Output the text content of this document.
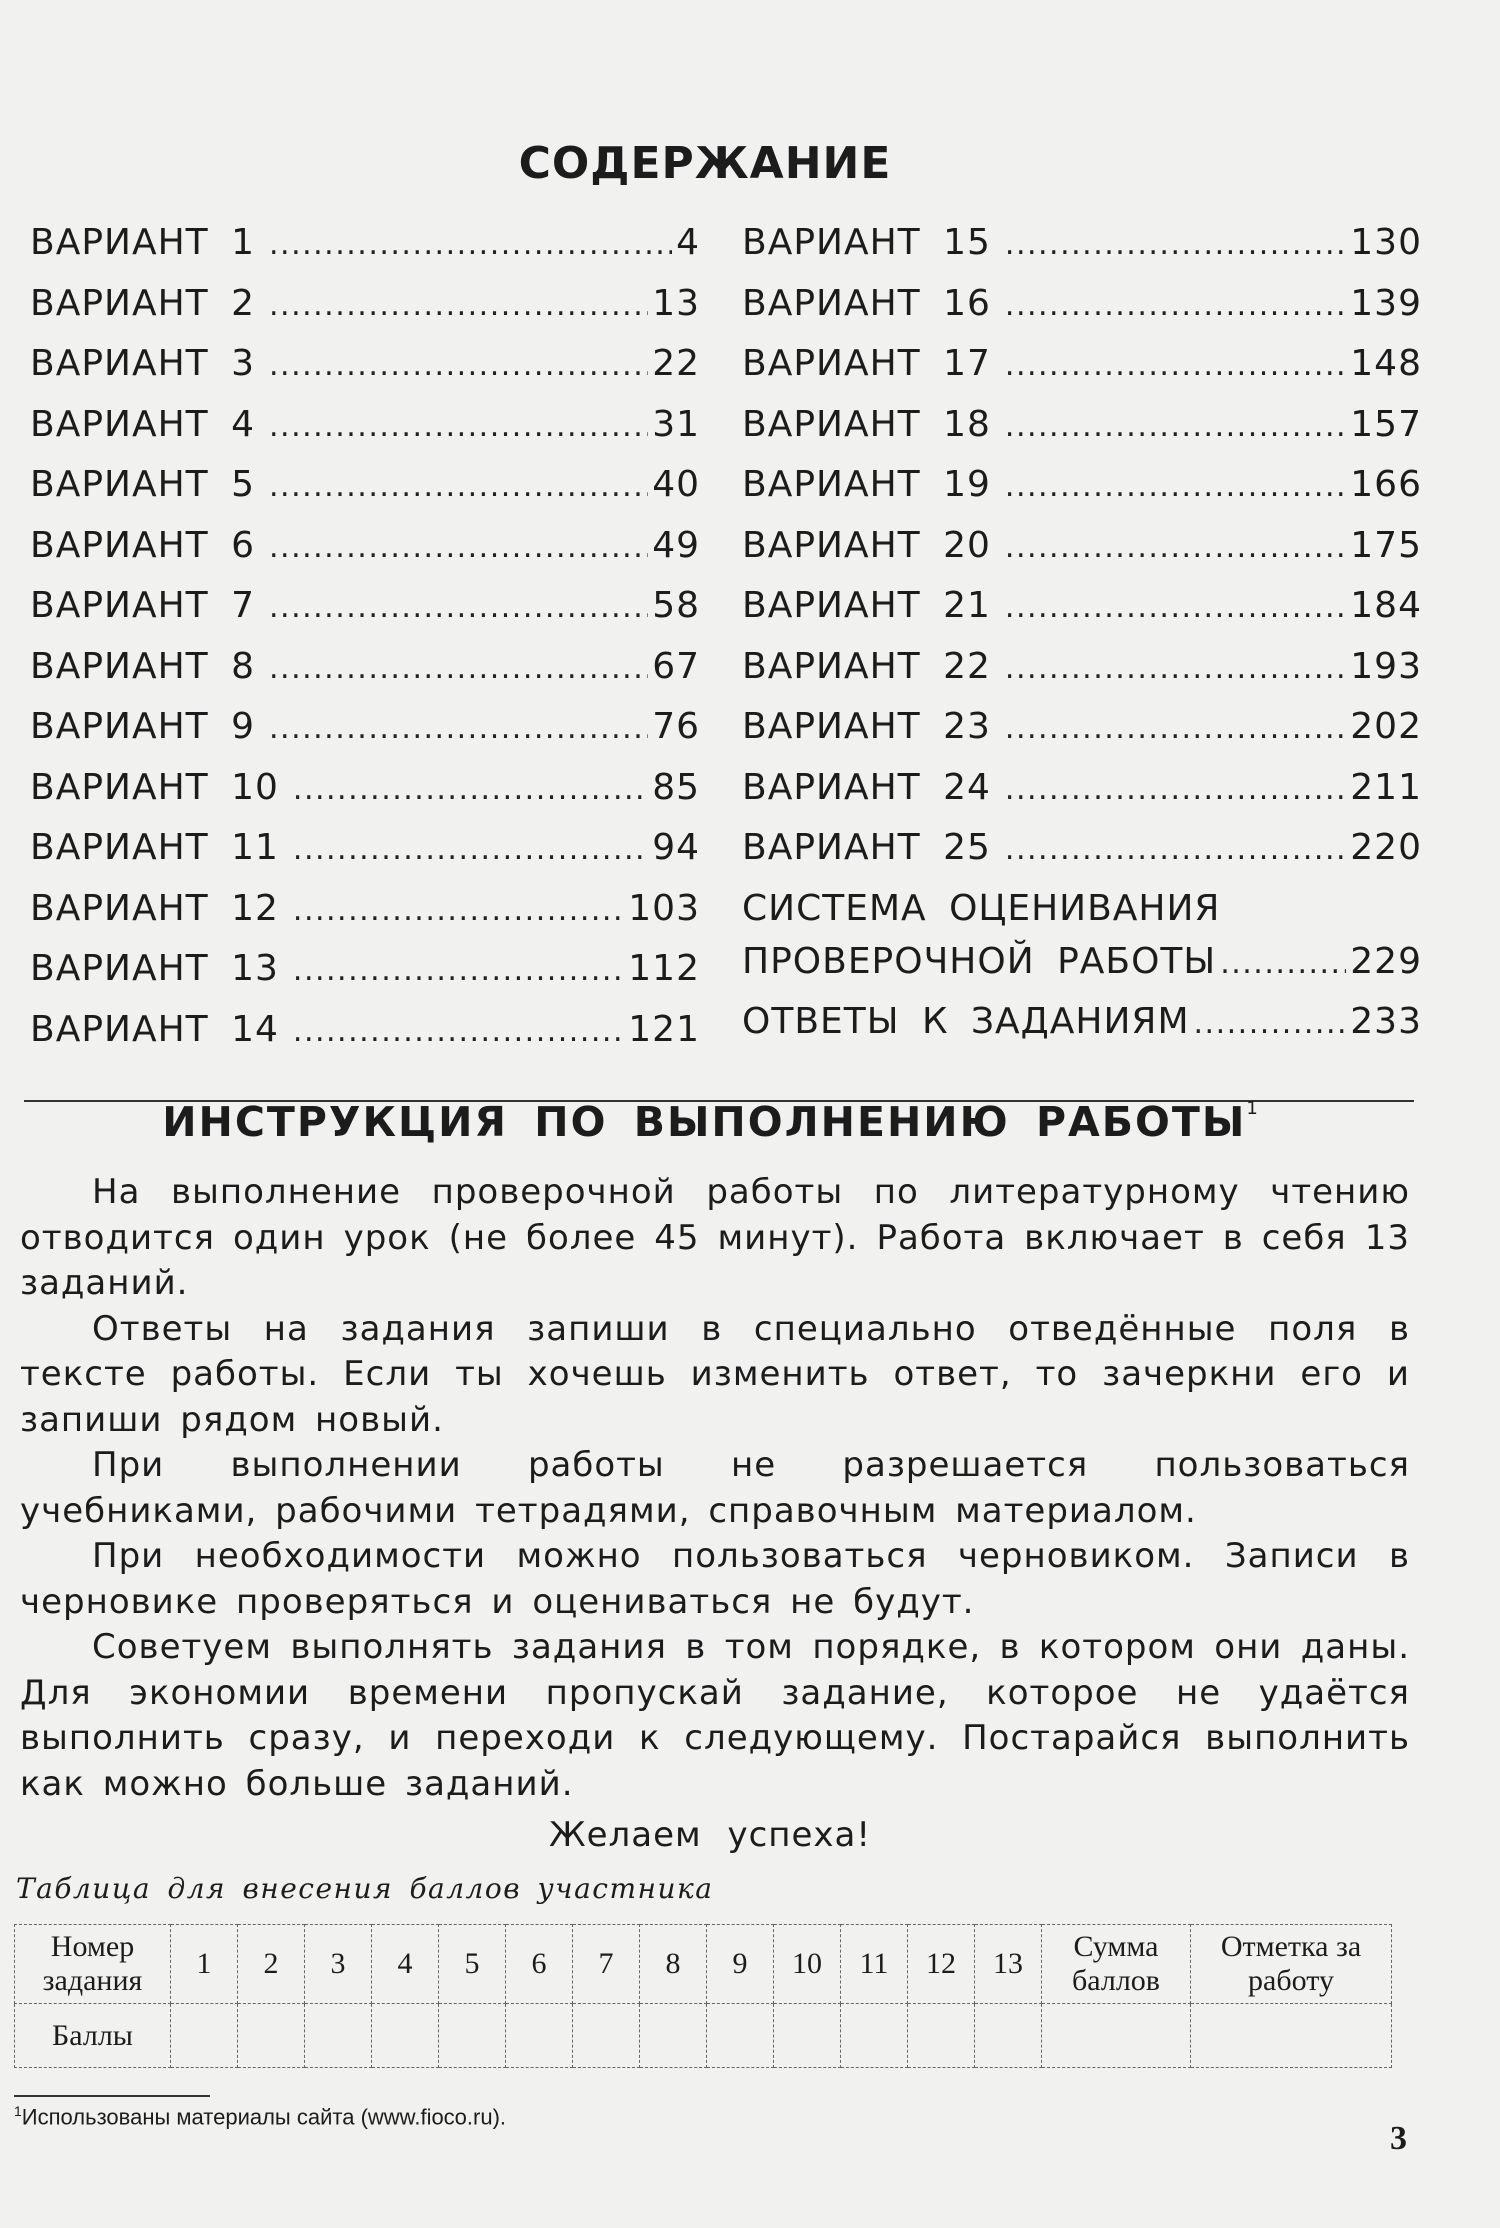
СОДЕРЖАНИЕ
ВАРИАНТ 1 .....	4
ВАРИАНТ 2 .....	13
ВАРИАНТ 3 .....	22
ВАРИАНТ 4 .....	31
ВАРИАНТ 5 .....	40
ВАРИАНТ 6 .....	49
ВАРИАНТ 7 .....	58
ВАРИАНТ 8 .....	67
ВАРИАНТ 9 .....	76
ВАРИАНТ 10 .....	85
ВАРИАНТ 11 .....	94
ВАРИАНТ 12 .....	103
ВАРИАНТ 13 .....	112
ВАРИАНТ 14 .....	121
ВАРИАНТ 15 .....	130
ВАРИАНТ 16 .....	139
ВАРИАНТ 17 .....	148
ВАРИАНТ 18 .....	157
ВАРИАНТ 19 .....	166
ВАРИАНТ 20 .....	175
ВАРИАНТ 21 .....	184
ВАРИАНТ 22 .....	193
ВАРИАНТ 23 .....	202
ВАРИАНТ 24 .....	211
ВАРИАНТ 25 .....	220
СИСТЕМА ОЦЕНИВАНИЯ
ПРОВЕРОЧНОЙ РАБОТЫ .....	229
ОТВЕТЫ К ЗАДАНИЯМ .....	233
ИНСТРУКЦИЯ ПО ВЫПОЛНЕНИЮ РАБОТЫ$^1$

На выполнение проверочной работы по литературному чтению отводится один урок (не более 45 минут). Работа включает в себя 13 заданий.

Ответы на задания запиши в специально отведённые поля в тексте работы. Если ты хочешь изменить ответ, то зачеркни его и запиши рядом новый.

При выполнении работы не разрешается пользоваться учебниками, рабочими тетрадями, справочным материалом.

При необходимости можно пользоваться черновиком. Записи в черновике проверяться и оцениваться не будут.

Советуем выполнять задания в том порядке, в котором они даны. Для экономии времени пропускай задание, которое не удаётся выполнить сразу, и переходи к следующему. Постарайся выполнить как можно больше заданий.

Желаем успеха!
Таблица для внесения баллов участника
Номер задания	1	2	3	4	5	6	7	8	9	10	11	12	13	Сумма баллов	Отметка за работу
Баллы															
$^1$Использованы материалы сайта (www.fioco.ru).
3
